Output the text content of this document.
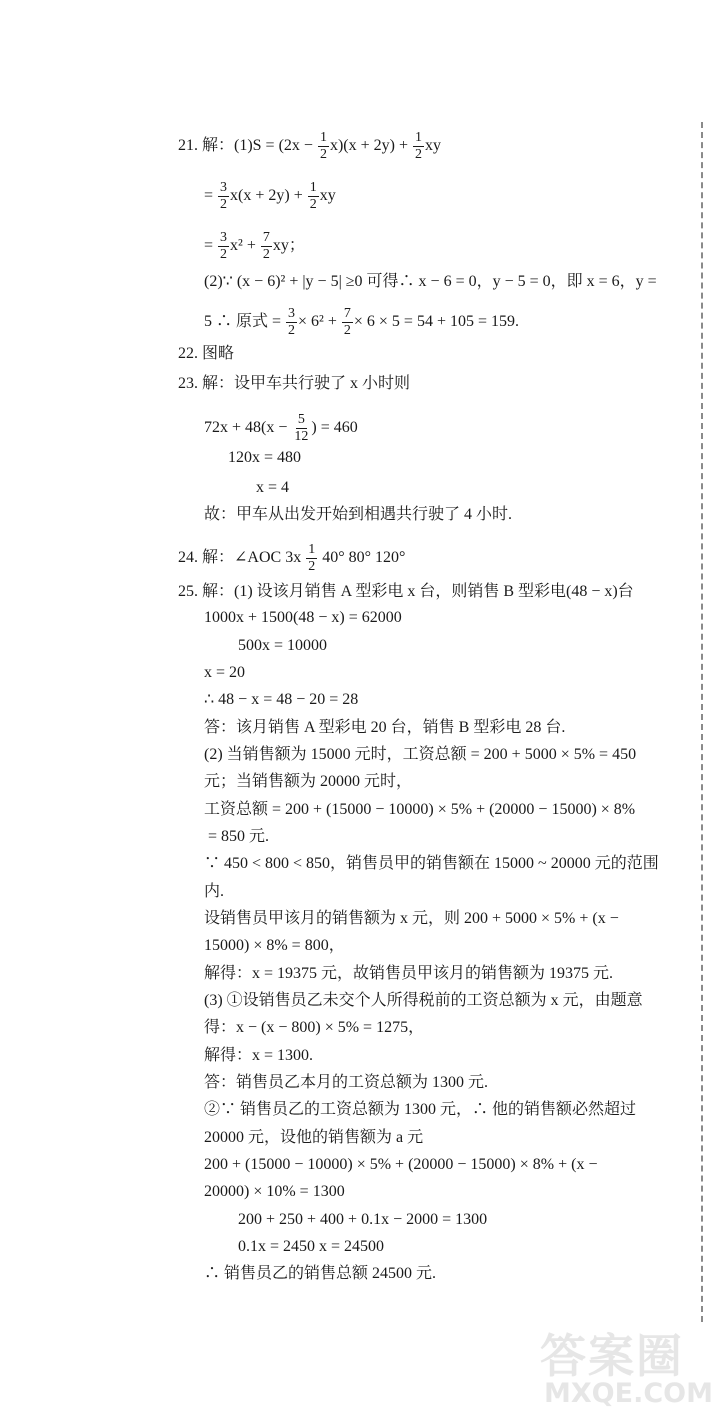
21. 解：$(1)S = (2x - \frac{1}{2} x)(x + 2y) + \frac{1}{2}$ xy
= $\frac{3}{2} x(x + 2y) + \frac{1}{2}$ xy
= $\frac{3}{2} x^2 + \frac{7}{2}$ xy；
(2)∵ (x − 6)² + |y − 5| ≥0 可得∴ x − 6 = 0，y − 5 = 0，即 x = 6，y =
5 ∴ 原式 = $\frac{3}{2} \times 6^2 + \frac{7}{2} \times 6 \times 5 = 54 + 105 = 159$.
22. 图略
23. 解：设甲车共行驶了 x 小时则
$72x + 48(x - \frac{5}{12}$ ) = 460
120x = 480
x = 4
故：甲车从出发开始到相遇共行驶了 4 小时.
24. 解：∠AOC $3x \frac{1}{2} 40^\circ$ 80° 120°
25. 解：(1) 设该月销售 A 型彩电 x 台，则销售 B 型彩电(48 − x)台
1000x + 1500(48 − x) = 62000
500x = 10000
x = 20
∴ 48 − x = 48 − 20 = 28
答：该月销售 A 型彩电 20 台，销售 B 型彩电 28 台.
(2) 当销售额为 15000 元时，工资总额 = 200 + 5000 × 5% = 450
元；当销售额为 20000 元时，
工资总额 = 200 + (15000 − 10000) × 5% + (20000 − 15000) × 8%
= 850 元.
∵ 450 < 800 < 850，销售员甲的销售额在 15000 ~ 20000 元的范围
内.
设销售员甲该月的销售额为 x 元，则 200 + 5000 × 5% + (x −
15000) × 8% = 800，
解得：x = 19375 元，故销售员甲该月的销售额为 19375 元.
(3) ①设销售员乙未交个人所得税前的工资总额为 x 元，由题意
得：x − (x − 800) × 5% = 1275，
解得：x = 1300.
答：销售员乙本月的工资总额为 1300 元.
②∵ 销售员乙的工资总额为 1300 元，∴ 他的销售额必然超过
20000 元，设他的销售额为 a 元
200 + (15000 − 10000) × 5% + (20000 − 15000) × 8% + (x −
20000) × 10% = 1300
200 + 250 + 400 + 0.1x − 2000 = 1300
0.1x = 2450 x = 24500
∴ 销售员乙的销售总额 24500 元.
答案圈
MXQE.COM
